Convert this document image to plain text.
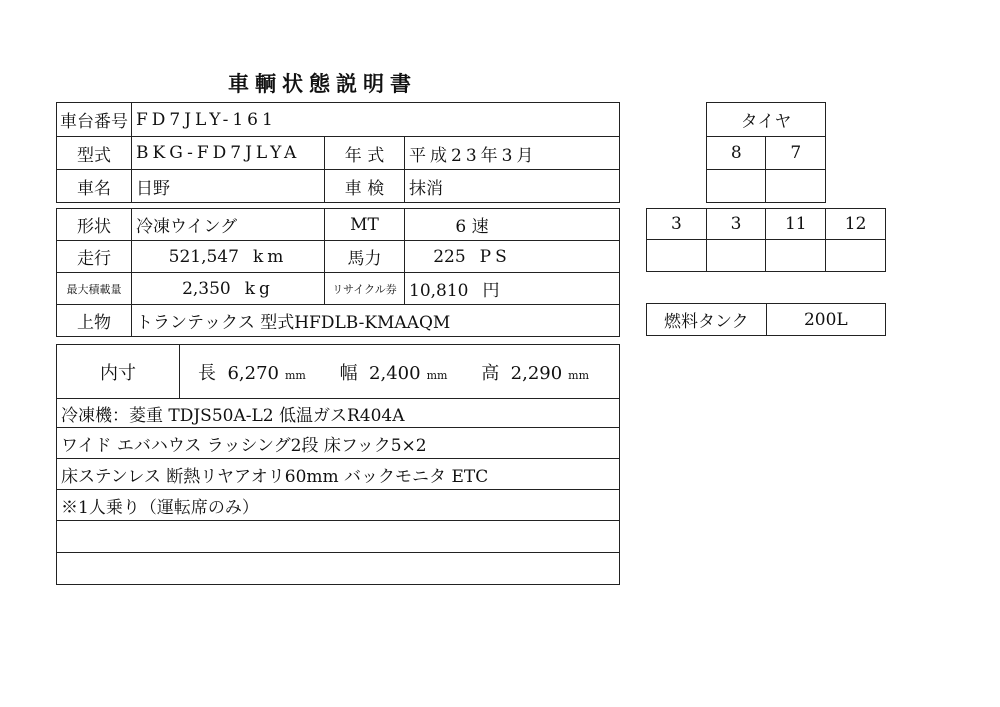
車輌状態説明書
車台番号	FD7JLY-161		
型式	BKG-FD7JLYA	年 式	平成23年3月
車名	日野	車 検	抹消
形状	冷凍ウイング	MT	6 速
走行	521,547 km	馬力	225 PS
最大積載量	2,350 kg	リサイクル券	10,810 円
上物	トランテックス 型式HFDLB-KMAAQM		
内寸	長 6,270 mm 幅 2,400 mm 高 2,290 mm
冷凍機：菱重 TDJS50A-L2 低温ガスR404A
ワイド エバハウス ラッシング2段 床フック5×2
床ステンレス 断熱リヤアオリ60mm バックモニタ ETC
※1人乗り（運転席のみ）

タイヤ	
8	7

3	3	11	12

燃料タンク	200L
